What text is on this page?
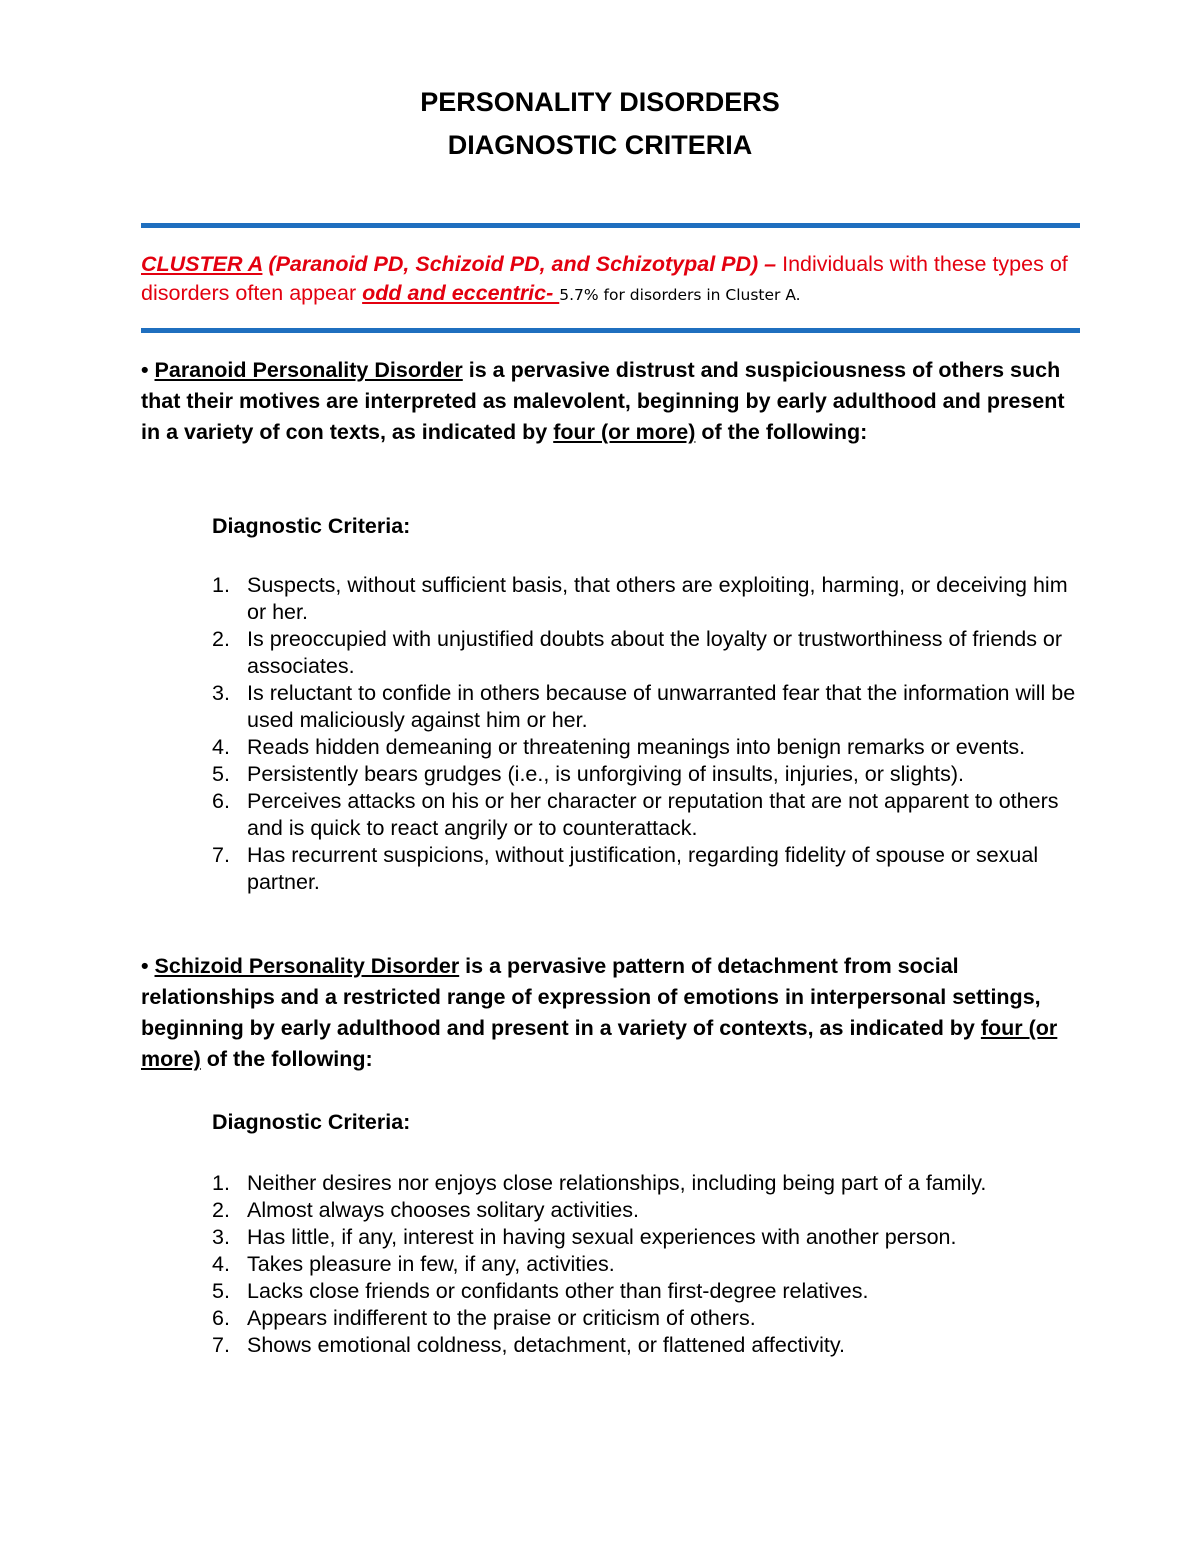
PERSONALITY DISORDERS
DIAGNOSTIC CRITERIA
CLUSTER A (Paranoid PD, Schizoid PD, and Schizotypal PD) – Individuals with these types of disorders often appear odd and eccentric- 5.7% for disorders in Cluster A.
• Paranoid Personality Disorder is a pervasive distrust and suspiciousness of others such that their motives are interpreted as malevolent, beginning by early adulthood and present in a variety of con texts, as indicated by four (or more) of the following:
Diagnostic Criteria:
1. Suspects, without sufficient basis, that others are exploiting, harming, or deceiving him or her.
2. Is preoccupied with unjustified doubts about the loyalty or trustworthiness of friends or associates.
3. Is reluctant to confide in others because of unwarranted fear that the information will be used maliciously against him or her.
4. Reads hidden demeaning or threatening meanings into benign remarks or events.
5. Persistently bears grudges (i.e., is unforgiving of insults, injuries, or slights).
6. Perceives attacks on his or her character or reputation that are not apparent to others and is quick to react angrily or to counterattack.
7. Has recurrent suspicions, without justification, regarding fidelity of spouse or sexual partner.
• Schizoid Personality Disorder is a pervasive pattern of detachment from social relationships and a restricted range of expression of emotions in interpersonal settings, beginning by early adulthood and present in a variety of contexts, as indicated by four (or more) of the following:
Diagnostic Criteria:
1. Neither desires nor enjoys close relationships, including being part of a family.
2. Almost always chooses solitary activities.
3. Has little, if any, interest in having sexual experiences with another person.
4. Takes pleasure in few, if any, activities.
5. Lacks close friends or confidants other than first-degree relatives.
6. Appears indifferent to the praise or criticism of others.
7. Shows emotional coldness, detachment, or flattened affectivity.
